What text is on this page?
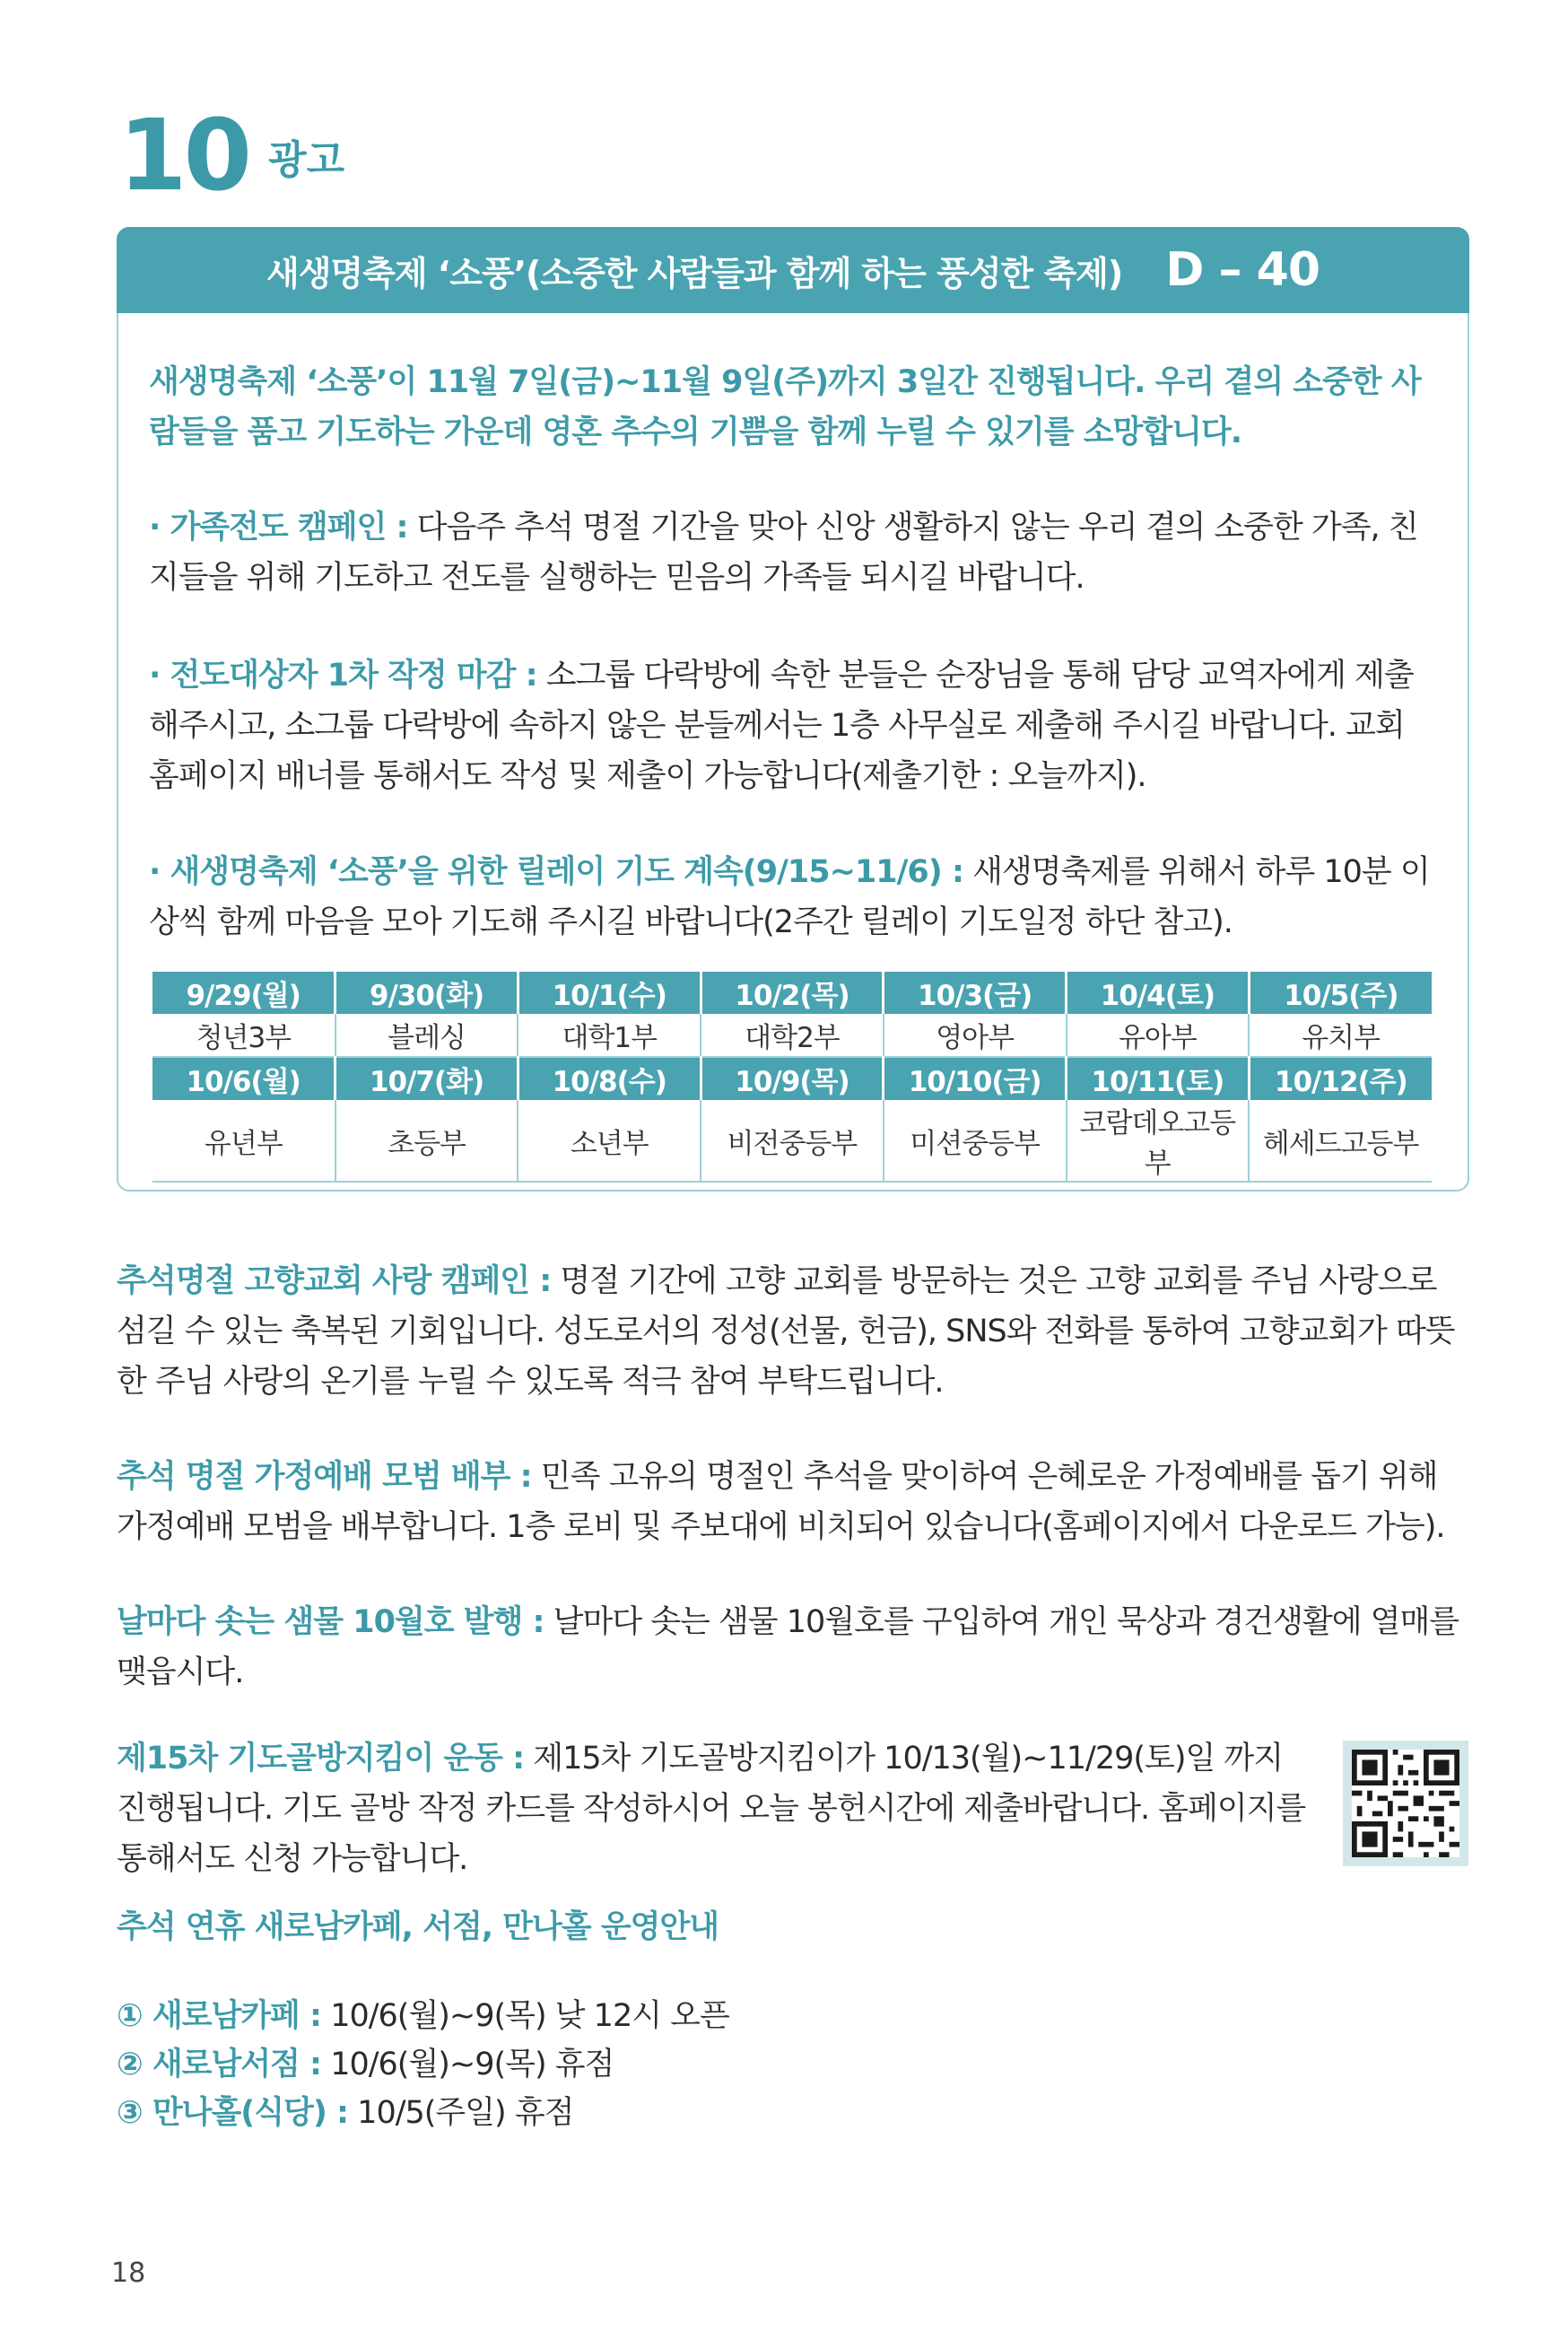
10 광고
새생명축제 ‘소풍’(소중한 사람들과 함께 하는 풍성한 축제) D – 40
새생명축제 ‘소풍’이 11월 7일(금)~11월 9일(주)까지 3일간 진행됩니다. 우리 곁의 소중한 사람들을 품고 기도하는 가운데 영혼 추수의 기쁨을 함께 누릴 수 있기를 소망합니다.
· 가족전도 캠페인 : 다음주 추석 명절 기간을 맞아 신앙 생활하지 않는 우리 곁의 소중한 가족, 친지들을 위해 기도하고 전도를 실행하는 믿음의 가족들 되시길 바랍니다.
· 전도대상자 1차 작정 마감 : 소그룹 다락방에 속한 분들은 순장님을 통해 담당 교역자에게 제출해주시고, 소그룹 다락방에 속하지 않은 분들께서는 1층 사무실로 제출해 주시길 바랍니다. 교회 홈페이지 배너를 통해서도 작성 및 제출이 가능합니다(제출기한 : 오늘까지).
· 새생명축제 ‘소풍’을 위한 릴레이 기도 계속(9/15~11/6) : 새생명축제를 위해서 하루 10분 이상씩 함께 마음을 모아 기도해 주시길 바랍니다(2주간 릴레이 기도일정 하단 참고).
9/29(월)	9/30(화)	10/1(수)	10/2(목)	10/3(금)	10/4(토)	10/5(주)
청년3부	블레싱	대학1부	대학2부	영아부	유아부	유치부
10/6(월)	10/7(화)	10/8(수)	10/9(목)	10/10(금)	10/11(토)	10/12(주)
유년부	초등부	소년부	비전중등부	미션중등부	코람데오고등부	헤세드고등부
추석명절 고향교회 사랑 캠페인 : 명절 기간에 고향 교회를 방문하는 것은 고향 교회를 주님 사랑으로 섬길 수 있는 축복된 기회입니다. 성도로서의 정성(선물, 헌금), SNS와 전화를 통하여 고향교회가 따뜻한 주님 사랑의 온기를 누릴 수 있도록 적극 참여 부탁드립니다.
추석 명절 가정예배 모범 배부 : 민족 고유의 명절인 추석을 맞이하여 은혜로운 가정예배를 돕기 위해 가정예배 모범을 배부합니다. 1층 로비 및 주보대에 비치되어 있습니다(홈페이지에서 다운로드 가능).
날마다 솟는 샘물 10월호 발행 : 날마다 솟는 샘물 10월호를 구입하여 개인 묵상과 경건생활에 열매를 맺읍시다.
제15차 기도골방지킴이 운동 : 제15차 기도골방지킴이가 10/13(월)~11/29(토)일 까지 진행됩니다. 기도 골방 작정 카드를 작성하시어 오늘 봉헌시간에 제출바랍니다. 홈페이지를 통해서도 신청 가능합니다.
추석 연휴 새로남카페, 서점, 만나홀 운영안내
① 새로남카페 : 10/6(월)~9(목) 낮 12시 오픈
② 새로남서점 : 10/6(월)~9(목) 휴점
③ 만나홀(식당) : 10/5(주일) 휴점
18
